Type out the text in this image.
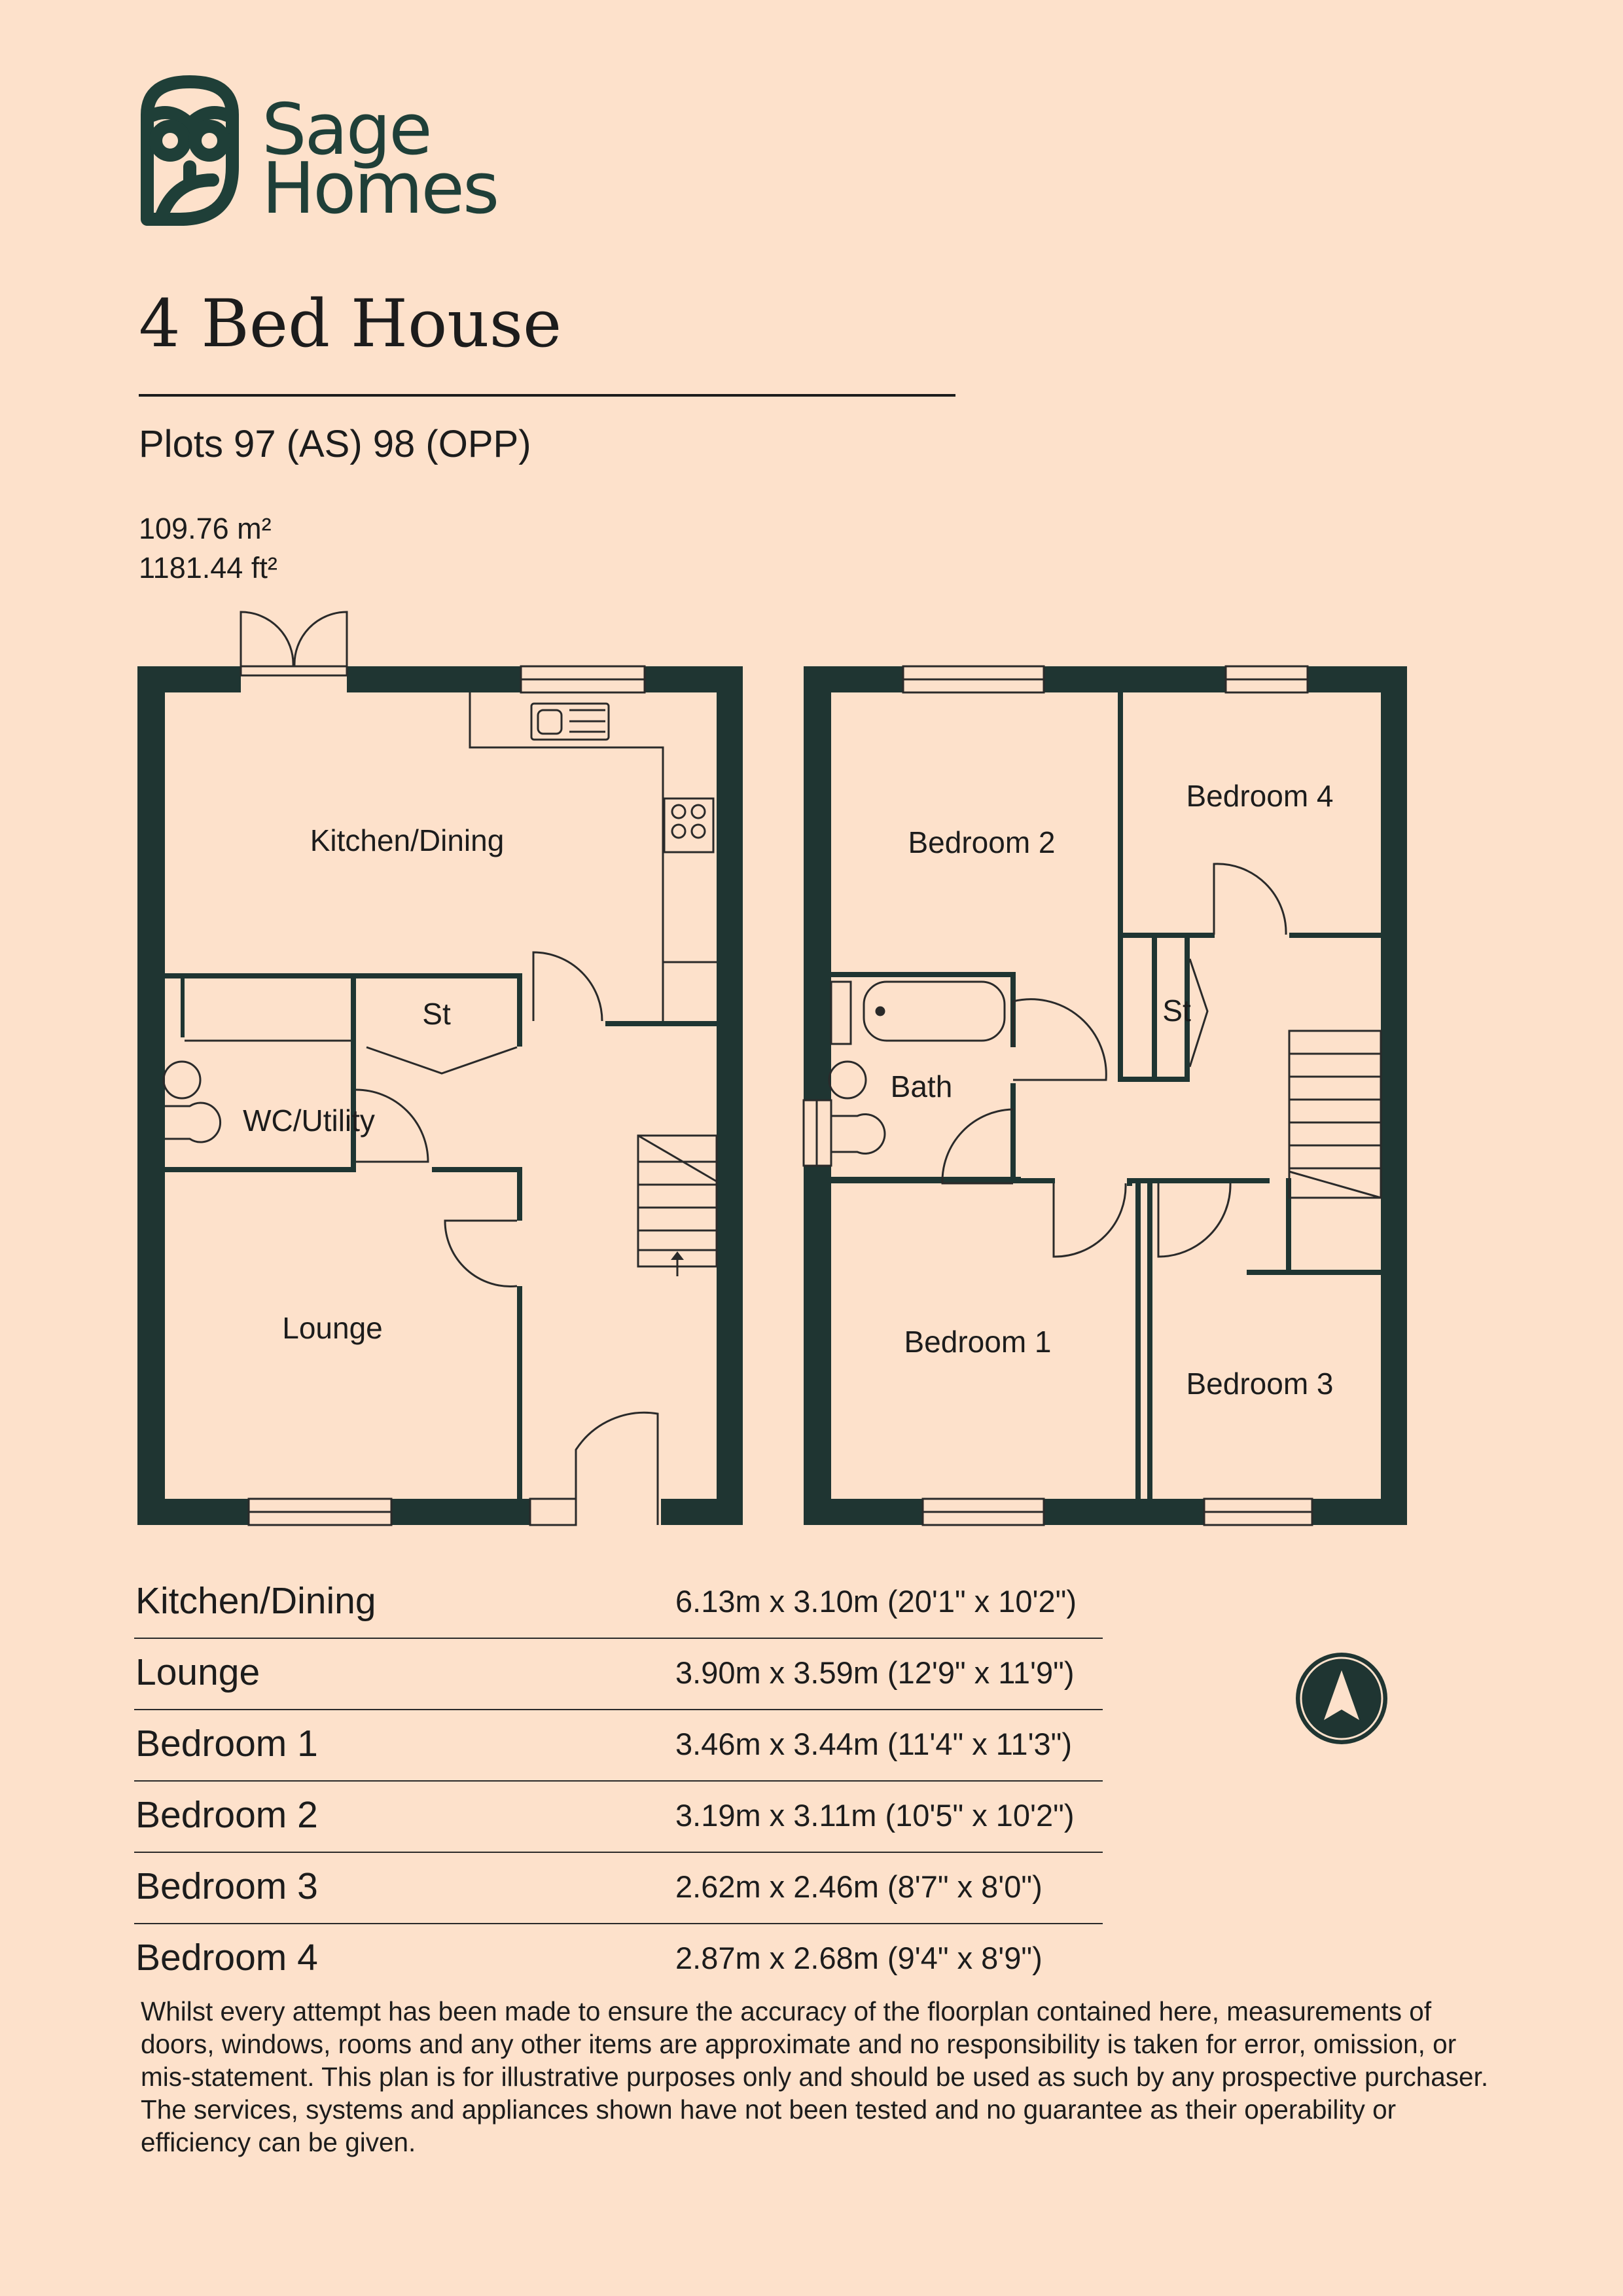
Sage
Homes
4 Bed House
Plots 97 (AS) 98 (OPP)
109.76 m²
1181.44 ft²
Kitchen/Dining
St
WC/Utility
Lounge
Bedroom 2
Bedroom 4
St
Bath
Bedroom 1
Bedroom 3
Kitchen/Dining	6.13m x 3.10m (20'1" x 10'2")
Lounge	3.90m x 3.59m (12'9" x 11'9")
Bedroom 1	3.46m x 3.44m (11'4" x 11'3")
Bedroom 2	3.19m x 3.11m (10'5" x 10'2")
Bedroom 3	2.62m x 2.46m (8'7" x 8'0")
Bedroom 4	2.87m x 2.68m (9'4" x 8'9")
Whilst every attempt has been made to ensure the accuracy of the floorplan contained here, measurements of doors, windows, rooms and any other items are approximate and no responsibility is taken for error, omission, or mis-statement. This plan is for illustrative purposes only and should be used as such by any prospective purchaser. The services, systems and appliances shown have not been tested and no guarantee as their operability or efficiency can be given.
